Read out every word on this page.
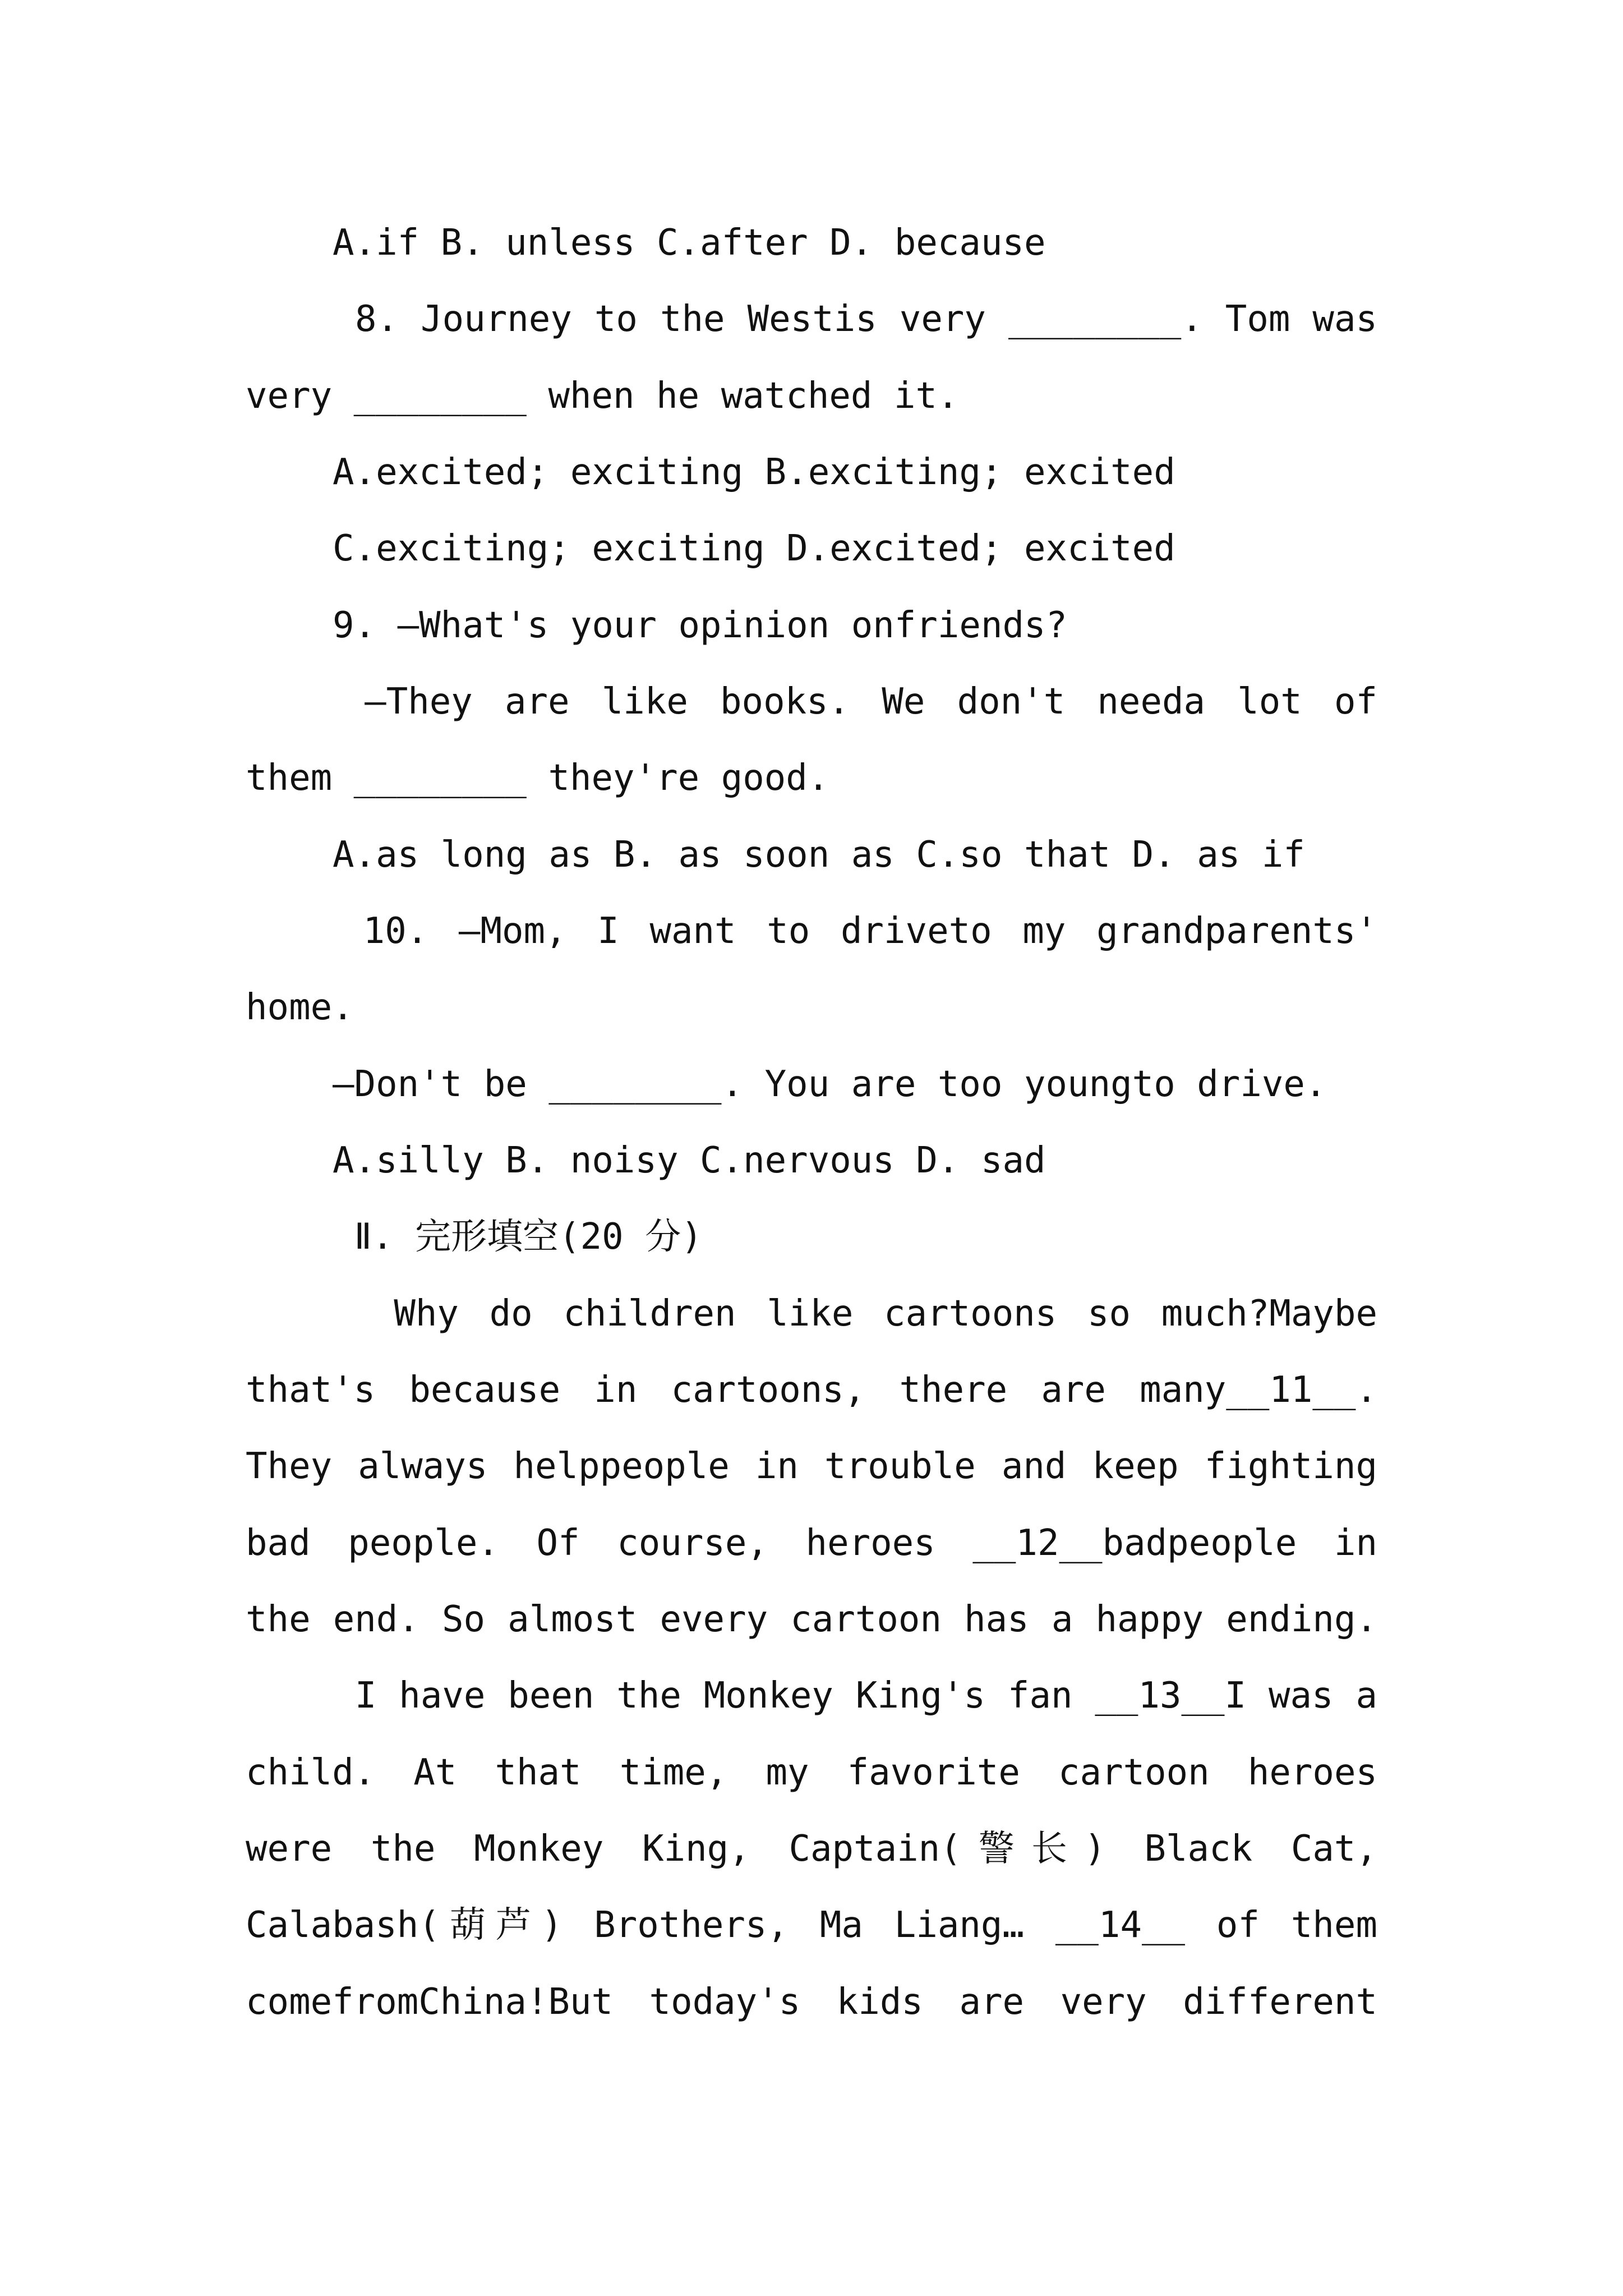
A.if B. unless C.after D. because
8. Journey to the Westis very ________. Tom was
very ________ when he watched it.
A.excited; exciting B.exciting; excited
C.exciting; exciting D.excited; excited
9. —What's your opinion onfriends?
—They are like books. We don't needa lot of
them ________ they're good.
A.as long as B. as soon as C.so that D. as if
10. —Mom, I want to driveto my grandparents'
home.
—Don't be ________. You are too youngto drive.
A.silly B. noisy C.nervous D. sad
Ⅱ. 完形填空(20 分)
Why do children like cartoons so much?Maybe
that's because in cartoons, there are many__11__.
They always helppeople in trouble and keep fighting
bad people. Of course, heroes __12__badpeople in
the end. So almost every cartoon has a happy ending.
I have been the Monkey King's fan __13__I was a
child. At that time, my favorite cartoon heroes
were the Monkey King, Captain(警长) Black Cat,
Calabash(葫芦) Brothers, Ma Liang… __14__ of them
comefromChina!But today's kids are very different
